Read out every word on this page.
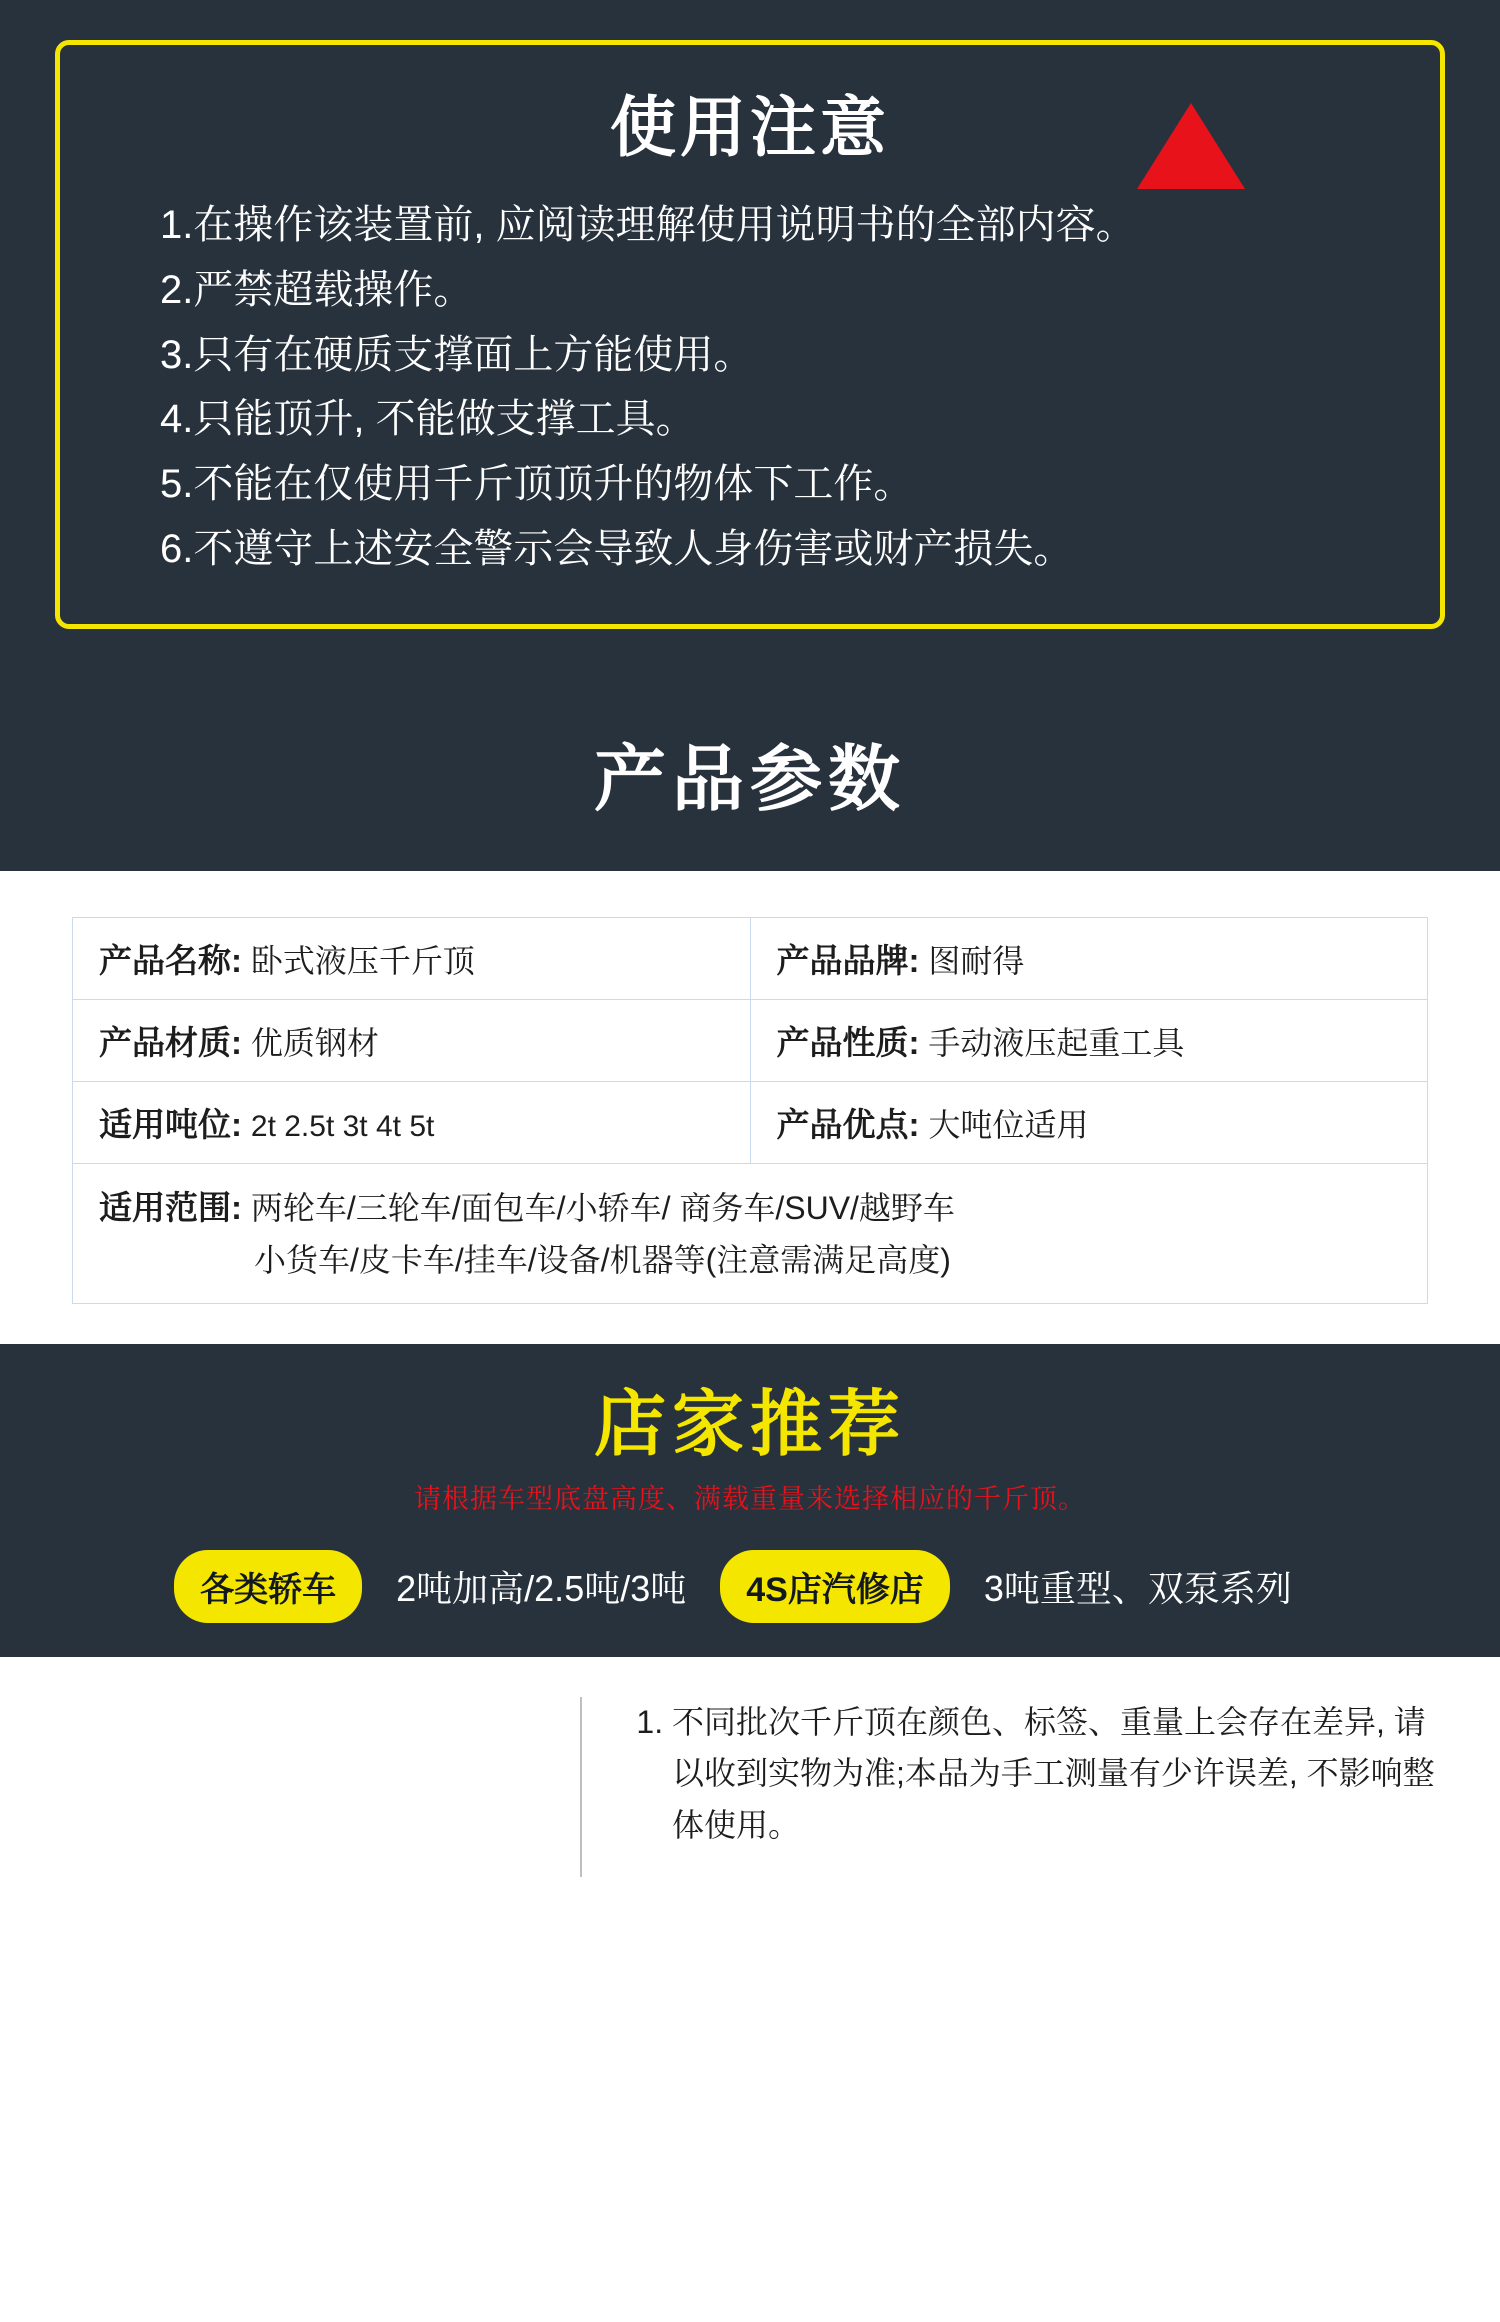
使用注意
1.在操作该装置前, 应阅读理解使用说明书的全部内容。
2.严禁超载操作。
3.只有在硬质支撑面上方能使用。
4.只能顶升, 不能做支撑工具。
5.不能在仅使用千斤顶顶升的物体下工作。
6.不遵守上述安全警示会导致人身伤害或财产损失。
产品参数
产品名称: 卧式液压千斤顶	产品品牌: 图耐得
产品材质: 优质钢材	产品性质: 手动液压起重工具
适用吨位: 2t 2.5t 3t 4t 5t	产品优点: 大吨位适用
适用范围: 两轮车/三轮车/面包车/小轿车/ 商务车/SUV/越野车
小货车/皮卡车/挂车/设备/机器等(注意需满足高度)	
店家推荐
请根据车型底盘高度、满载重量来选择相应的千斤顶。
各类轿车	2吨加高/2.5吨/3吨	4S店汽修店	3吨重型、双泵系列
1. 不同批次千斤顶在颜色、标签、重量上会存在差异, 请以收到实物为准;本品为手工测量有少许误差, 不影响整体使用。
